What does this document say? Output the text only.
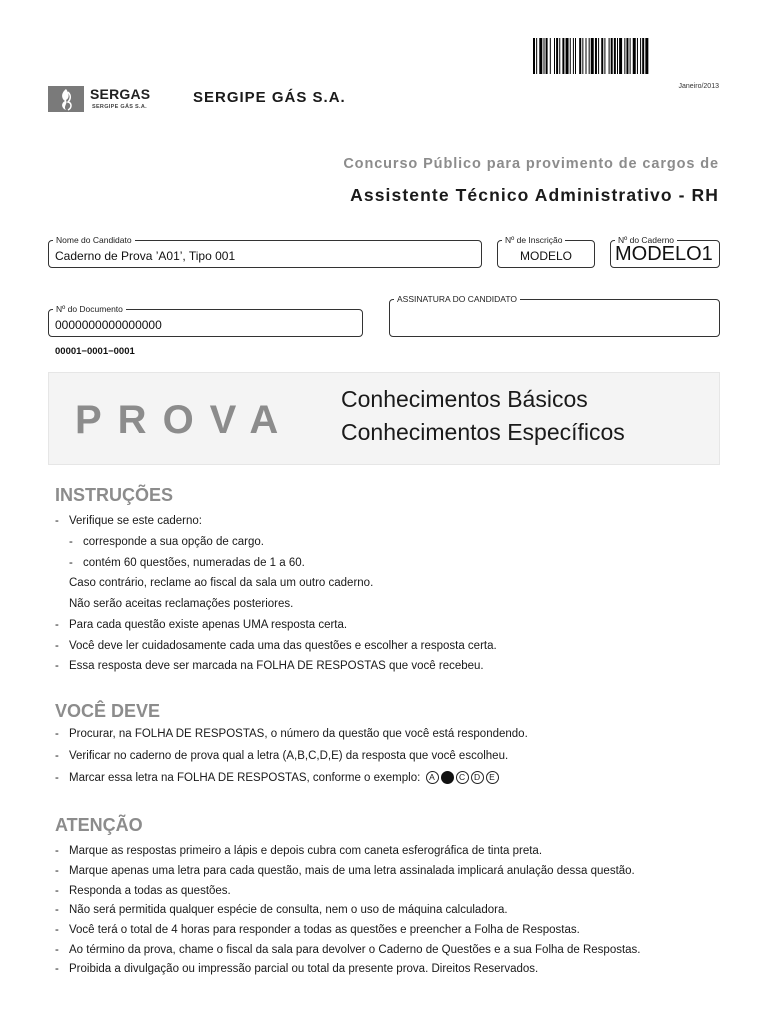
SERGAS
SERGIPE GÁS S.A.
SERGIPE GÁS S.A.
Janeiro/2013
Concurso Público para provimento de cargos de
Assistente Técnico Administrativo - RH
Nome do Candidato
Caderno de Prova ’A01’, Tipo 001
Nº de Inscrição
MODELO
Nº do Caderno
MODELO1
Nº do Documento
0000000000000000
ASSINATURA DO CANDIDATO
00001−0001−0001
PROVA Conhecimentos Básicos
Conhecimentos Específicos
INSTRUÇÕES
- Verifique se este caderno:
- corresponde a sua opção de cargo.
- contém 60 questões, numeradas de 1 a 60.
Caso contrário, reclame ao fiscal da sala um outro caderno.
Não serão aceitas reclamações posteriores.
- Para cada questão existe apenas UMA resposta certa.
- Você deve ler cuidadosamente cada uma das questões e escolher a resposta certa.
- Essa resposta deve ser marcada na FOLHA DE RESPOSTAS que você recebeu.
VOCÊ DEVE
- Procurar, na FOLHA DE RESPOSTAS, o número da questão que você está respondendo.
- Verificar no caderno de prova qual a letra (A,B,C,D,E) da resposta que você escolheu.
- Marcar essa letra na FOLHA DE RESPOSTAS, conforme o exemplo: A	C D E
ATENÇÃO
- Marque as respostas primeiro a lápis e depois cubra com caneta esferográfica de tinta preta.
- Marque apenas uma letra para cada questão, mais de uma letra assinalada implicará anulação dessa questão.
- Responda a todas as questões.
- Não será permitida qualquer espécie de consulta, nem o uso de máquina calculadora.
- Você terá o total de 4 horas para responder a todas as questões e preencher a Folha de Respostas.
- Ao término da prova, chame o fiscal da sala para devolver o Caderno de Questões e a sua Folha de Respostas.
- Proibida a divulgação ou impressão parcial ou total da presente prova. Direitos Reservados.
